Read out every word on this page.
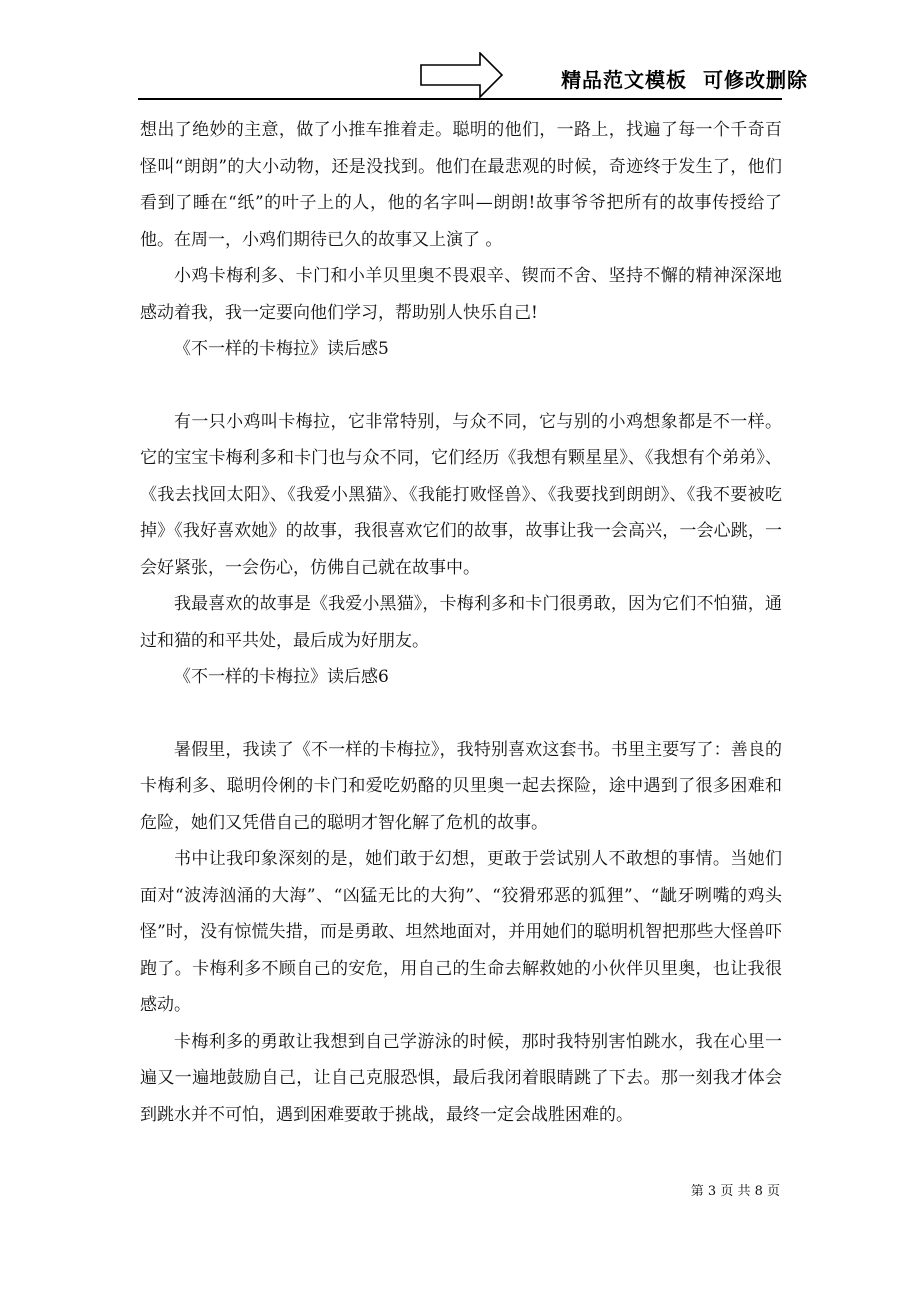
精品范文模板  可修改删除

想出了绝妙的主意，做了小推车推着走。聪明的他们，一路上，找遍了每一个千奇百怪叫“朗朗”的大小动物，还是没找到。他们在最悲观的时候，奇迹终于发生了，他们看到了睡在“纸”的叶子上的人，他的名字叫—朗朗!故事爷爷把所有的故事传授给了他。在周一，小鸡们期待已久的故事又上演了 。

小鸡卡梅利多、卡门和小羊贝里奥不畏艰辛、锲而不舍、坚持不懈的精神深深地感动着我，我一定要向他们学习，帮助别人快乐自己!

《不一样的卡梅拉》读后感5

有一只小鸡叫卡梅拉，它非常特别，与众不同，它与别的小鸡想象都是不一样。它的宝宝卡梅利多和卡门也与众不同，它们经历《我想有颗星星》、《我想有个弟弟》、《我去找回太阳》、《我爱小黑猫》、《我能打败怪兽》、《我要找到朗朗》、《我不要被吃掉》《我好喜欢她》的故事，我很喜欢它们的故事，故事让我一会高兴，一会心跳，一会好紧张，一会伤心，仿佛自己就在故事中。

我最喜欢的故事是《我爱小黑猫》，卡梅利多和卡门很勇敢，因为它们不怕猫，通过和猫的和平共处，最后成为好朋友。

《不一样的卡梅拉》读后感6

暑假里，我读了《不一样的卡梅拉》，我特别喜欢这套书。书里主要写了：善良的卡梅利多、聪明伶俐的卡门和爱吃奶酪的贝里奥一起去探险，途中遇到了很多困难和危险，她们又凭借自己的聪明才智化解了危机的故事。

书中让我印象深刻的是，她们敢于幻想，更敢于尝试别人不敢想的事情。当她们面对“波涛汹涌的大海”、“凶猛无比的大狗”、“狡猾邪恶的狐狸”、“龇牙咧嘴的鸡头怪”时，没有惊慌失措，而是勇敢、坦然地面对，并用她们的聪明机智把那些大怪兽吓跑了。卡梅利多不顾自己的安危，用自己的生命去解救她的小伙伴贝里奥，也让我很感动。

卡梅利多的勇敢让我想到自己学游泳的时候，那时我特别害怕跳水，我在心里一遍又一遍地鼓励自己，让自己克服恐惧，最后我闭着眼睛跳了下去。那一刻我才体会到跳水并不可怕，遇到困难要敢于挑战，最终一定会战胜困难的。

第 3 页 共 8 页
